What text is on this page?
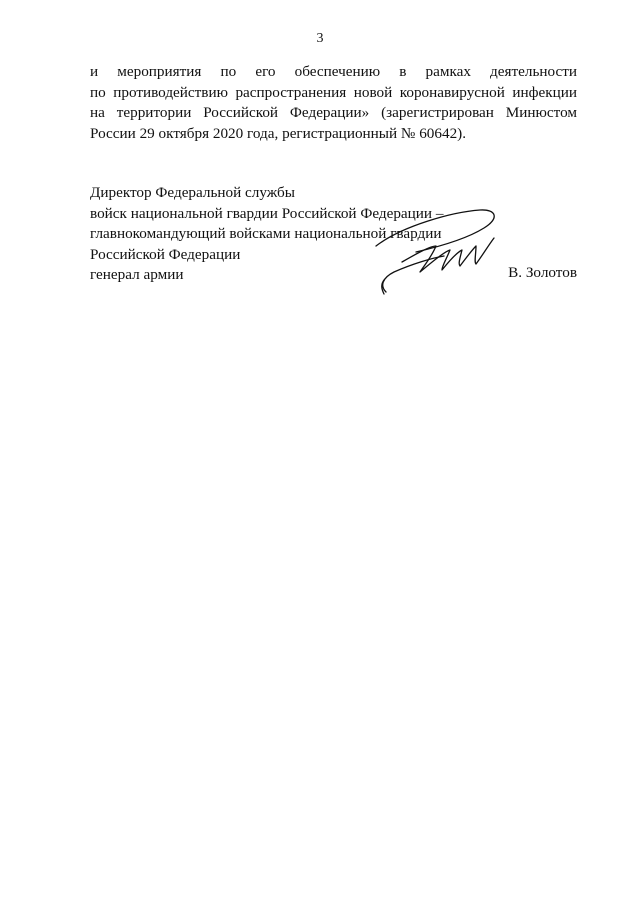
3
и мероприятия по его обеспечению в рамках деятельности
по противодействию распространения новой коронавирусной инфекции
на территории Российской Федерации» (зарегистрирован Минюстом
России 29 октября 2020 года, регистрационный № 60642).
Директор Федеральной службы
войск национальной гвардии Российской Федерации –
главнокомандующий войсками национальной гвардии
Российской Федерации
генерал армии	В. Золотов
